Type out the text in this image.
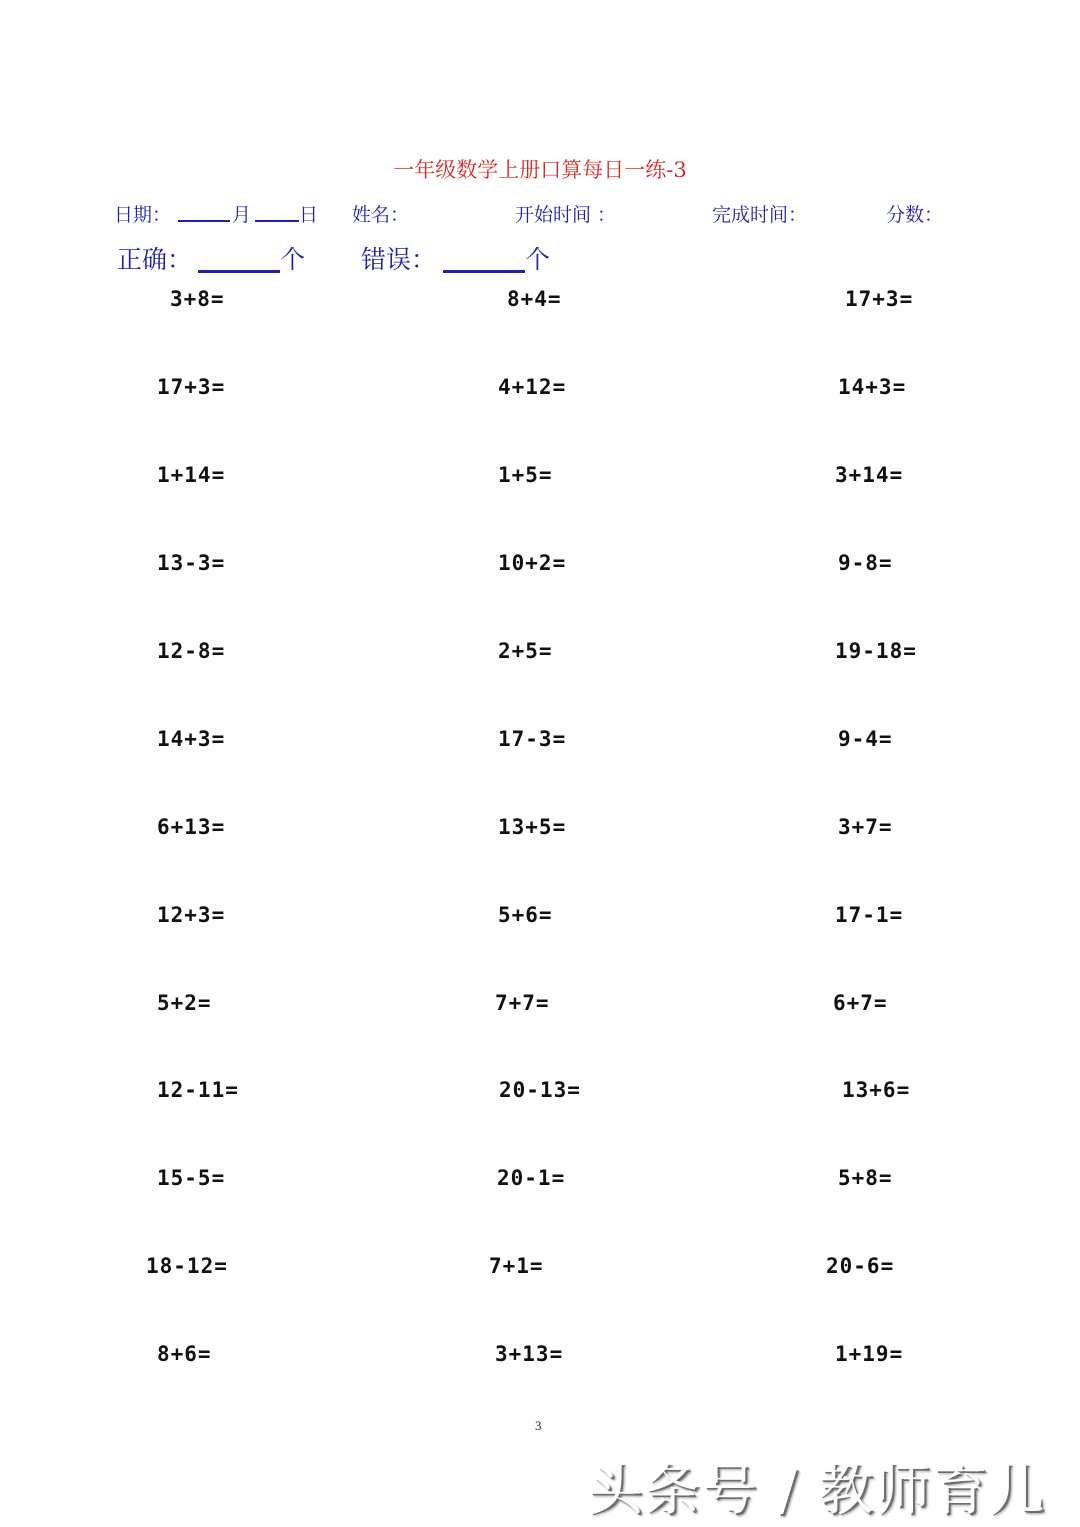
一年级数学上册口算每日一练-3
日期：	月	日 姓名：	开始时间 ：	完成时间：	分数：
正确：	个 错误：	个
3+8=	8+4=	17+3=
17+3=	4+12=	14+3=
1+14=	1+5=	3+14=
13-3=	10+2=	9-8=
12-8=	2+5=	19-18=
14+3=	17-3=	9-4=
6+13=	13+5=	3+7=
12+3=	5+6=	17-1=
5+2=	7+7=	6+7=
12-11=	20-13=	13+6=
15-5=	20-1=	5+8=
18-12=	7+1=	20-6=
8+6=	3+13=	1+19=
3
头条号 / 教师育儿
